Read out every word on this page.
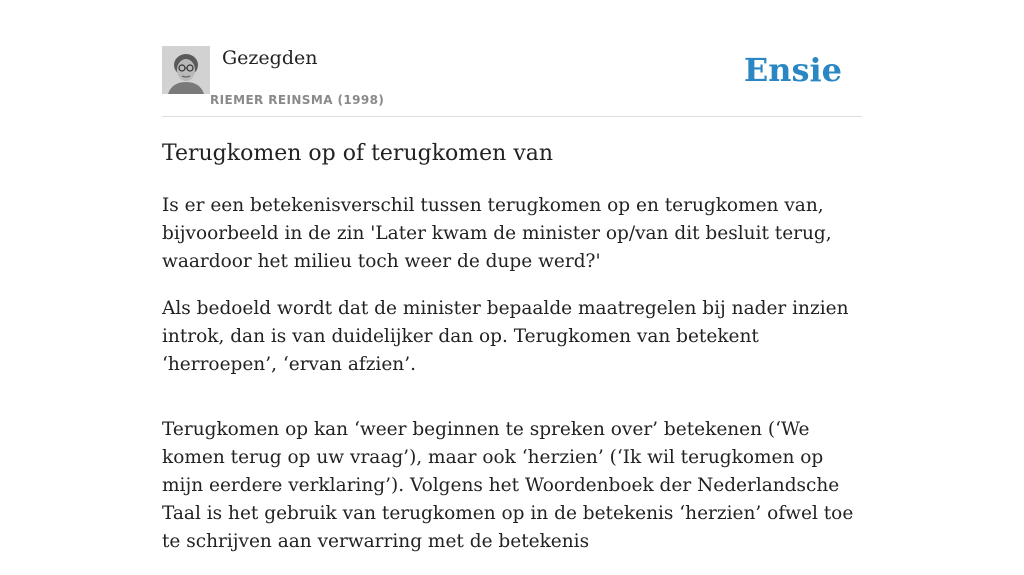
Gezegden
RIEMER REINSMA (1998)
Ensie
Terugkomen op of terugkomen van

Is er een betekenisverschil tussen terugkomen op en terugkomen van, bijvoorbeeld in de zin 'Later kwam de minister op/van dit besluit terug, waardoor het milieu toch weer de dupe werd?'

Als bedoeld wordt dat de minister bepaalde maatregelen bij nader inzien introk, dan is van duidelijker dan op. Terugkomen van betekent ‘herroepen’, ‘ervan afzien’.

Terugkomen op kan ‘weer beginnen te spreken over’ betekenen (‘We komen terug op uw vraag’), maar ook ‘herzien’ (‘Ik wil terugkomen op mijn eerdere verklaring’). Volgens het Woordenboek der Nederlandsche Taal is het gebruik van terugkomen op in de betekenis ‘herzien’ ofwel toe te schrijven aan verwarring met de betekenis
